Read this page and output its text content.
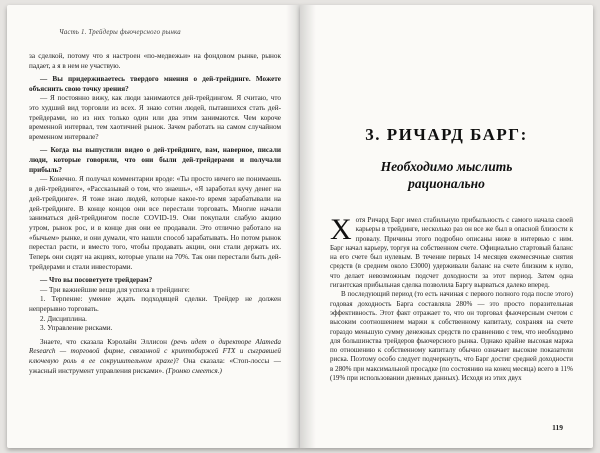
Часть 1. Трейдеры фьючерсного рынка

за сделкой, потому что я настроен «по-медвежьи» на фондовом рынке, рынок падает, а я в нем не участвую.

— Вы придерживаетесь твердого мнения о дей-трейдинге. Можете объяснить свою точку зрения?

— Я постоянно вижу, как люди занимаются дей-трейдингом. Я считаю, что это худший вид торговли из всех. Я знаю сотни людей, пытавшихся стать дей-трейдерами, но из них только один или два этим занимаются. Чем короче временной интервал, тем хаотичней рынок. Зачем работать на самом случайном временном интервале?

— Когда вы выпустили видео о дей-трейдинге, вам, наверное, писали люди, которые говорили, что они были дей-трейдерами и получали прибыль?

— Конечно. Я получал комментарии вроде: «Ты просто ничего не понимаешь в дей-трейдинге», «Рассказывай о том, что знаешь», «Я заработал кучу денег на дей-трейдинге». Я тоже знаю людей, которые какое-то время зарабатывали на дей-трейдинге. В конце концов они все перестали торговать. Многие начали заниматься дей-трейдингом после COVID-19. Они покупали слабую акцию утром, рынок рос, и в конце дня они ее продавали. Это отлично работало на «бычьем» рынке, и они думали, что нашли способ зарабатывать. Но потом рынок перестал расти, и вместо того, чтобы продавать акции, они стали держать их. Теперь они сидят на акциях, которые упали на 70%. Так они перестали быть дей-трейдерами и стали инвесторами.

— Что вы посоветуете трейдерам?

— Три важнейшие вещи для успеха в трейдинге:

1. Терпение: умение ждать подходящей сделки. Трейдер не должен непрерывно торговать.

2. Дисциплина.

3. Управление рисками.

Знаете, что сказала Кэролайн Эллисон (речь идет о директоре Alameda Research — торговой фирме, связанной с криптобиржей FTX и сыгравшей ключевую роль в ее сокрушительном крахе)? Она сказала: «Стоп-лоссы — ужасный инструмент управления рисками». (Громко смеется.)

3. РИЧАРД БАРГ:
Необходимо мыслить рационально

Хотя Ричард Барг имел стабильную прибыльность с самого начала своей карьеры в трейдинге, несколько раз он все же был в опасной близости к провалу. Причины этого подробно описаны ниже в интервью с ним. Барг начал карьеру, торгуя на собственном счете. Официально стартовый баланс на его счете был нулевым. В течение первых 14 месяцев ежемесячные снятия средств (в среднем около £3000) удерживали баланс на счете близким к нулю, что делает невозможным подсчет доходности за этот период. Затем одна гигантская прибыльная сделка позволила Баргу вырваться далеко вперед.

В последующий период (то есть начиная с первого полного года после этого) годовая доходность Барга составляла 280% — это просто поразительная эффективность. Этот факт отражает то, что он торговал фьючерсным счетом с высоким соотношением маржи к собственному капиталу, сохраняя на счете гораздо меньшую сумму денежных средств по сравнению с тем, что необходимо для большинства трейдеров фьючерсного рынка. Однако крайне высокая маржа по отношению к собственному капиталу обычно означает высокие показатели риска. Поэтому особо следует подчеркнуть, что Барг достиг средней доходности в 280% при максимальной просадке (по состоянию на конец месяца) всего в 11% (19% при использовании дневных данных). Исходя из этих двух

119
